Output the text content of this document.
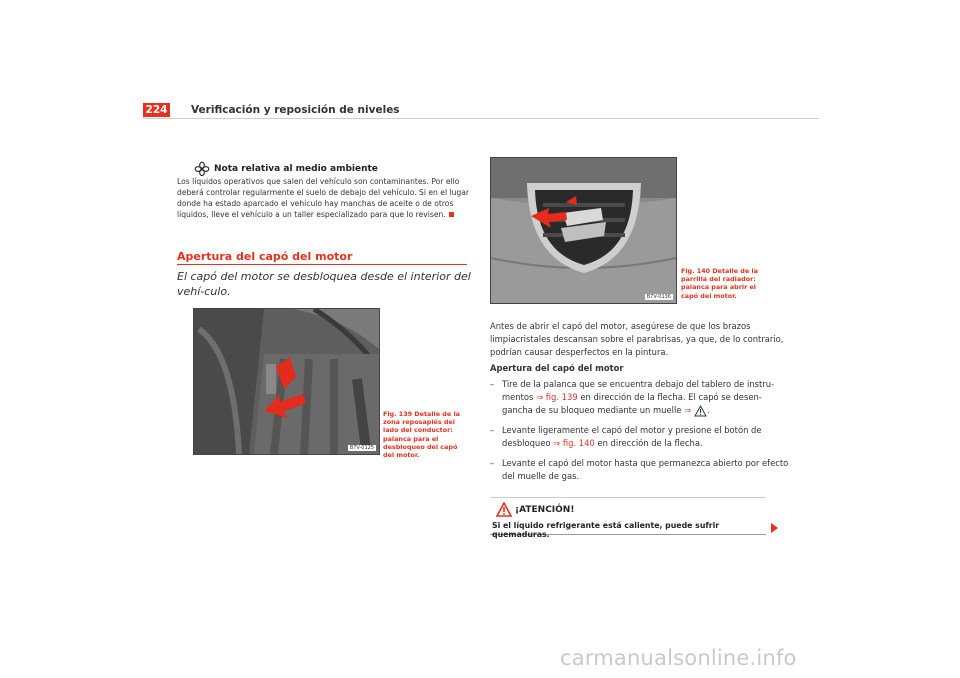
224 Verificación y reposición de niveles
Nota relativa al medio ambiente
Los líquidos operativos que salen del vehículo son contaminantes. Por ello deberá controlar regularmente el suelo de debajo del vehículo. Si en el lugar donde ha estado aparcado el vehículo hay manchas de aceite o de otros líquidos, lleve el vehículo a un taller especializado para que lo revisen.
Apertura del capó del motor
El capó del motor se desbloquea desde el interior del vehí-culo.
B7V-0125
Fig. 139 Detalle de la zona reposapiés del lado del conductor: palanca para el desbloqueo del capó del motor.
B7V-0136
Fig. 140 Detalle de la parrilla del radiador: palanca para abrir el capó del motor.

Antes de abrir el capó del motor, asegúrese de que los brazos limpiacristales descansan sobre el parabrisas, ya que, de lo contrario, podrían causar desperfectos en la pintura.

Apertura del capó del motor

– Tire de la palanca que se encuentra debajo del tablero de instru-mentos ⇒ fig. 139 en dirección de la flecha. El capó se desen-gancha de su bloqueo mediante un muelle ⇒ .
– Levante ligeramente el capó del motor y presione el botón de desbloqueo ⇒ fig. 140 en dirección de la flecha.
– Levante el capó del motor hasta que permanezca abierto por efecto del muelle de gas.
¡ATENCIÓN!
Si el líquido refrigerante está caliente, puede sufrir quemaduras.
carmanualsonline.info
